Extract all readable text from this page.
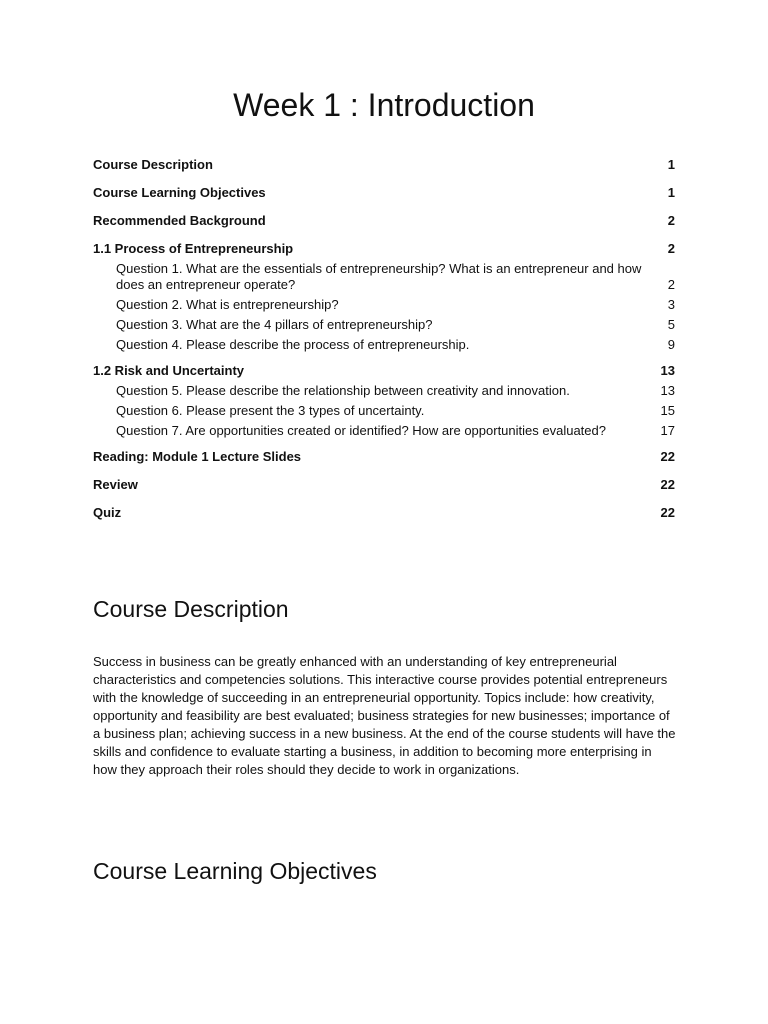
Week 1 : Introduction
Course Description	1
Course Learning Objectives	1
Recommended Background	2
1.1 Process of Entrepreneurship	2
Question 1. What are the essentials of entrepreneurship? What is an entrepreneur and how does an entrepreneur operate?	2
Question 2. What is entrepreneurship?	3
Question 3. What are the 4 pillars of entrepreneurship?	5
Question 4. Please describe the process of entrepreneurship.	9
1.2 Risk and Uncertainty	13
Question 5. Please describe the relationship between creativity and innovation.	13
Question 6. Please present the 3 types of uncertainty.	15
Question 7. Are opportunities created or identified? How are opportunities evaluated?	17
Reading: Module 1 Lecture Slides	22
Review	22
Quiz	22
Course Description

Success in business can be greatly enhanced with an understanding of key entrepreneurial characteristics and competencies solutions. This interactive course provides potential entrepreneurs with the knowledge of succeeding in an entrepreneurial opportunity. Topics include: how creativity, opportunity and feasibility are best evaluated; business strategies for new businesses; importance of a business plan; achieving success in a new business. At the end of the course students will have the skills and confidence to evaluate starting a business, in addition to becoming more enterprising in how they approach their roles should they decide to work in organizations.

Course Learning Objectives
